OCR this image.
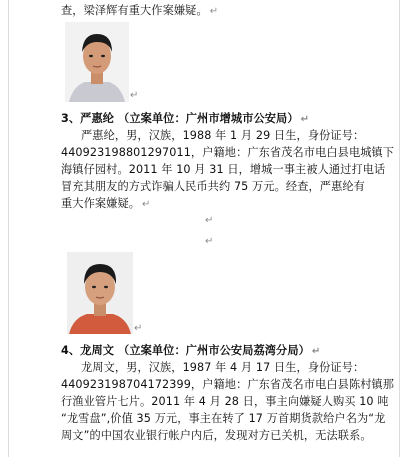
查，梁泽辉有重大作案嫌疑。 ↵
↵
3、严惠纶 （立案单位：广州市增城市公安局） ↵
严惠纶，男，汉族，1988 年 1 月 29 日生，身份证号：
440923198801297011，户籍地：广东省茂名市电白县电城镇下
海镇仔园村。2011 年 10 月 31 日，增城一事主被人通过打电话
冒充其朋友的方式诈骗人民币共约 75 万元。经查，严惠纶有
重大作案嫌疑。 ↵
↵
↵
↵
4、龙周文 （立案单位：广州市公安局荔湾分局） ↵
龙周文，男，汉族，1987 年 4 月 17 日生，身份证号：
440923198704172399，户籍地：广东省茂名市电白县陈村镇那
行渔业管片七片。2011 年 4 月 28 日，事主向嫌疑人购买 10 吨
“龙雪盘”,价值 35 万元，事主在转了 17 万首期货款给户名为“龙
周文”的中国农业银行帐户内后，发现对方已关机，无法联系。
